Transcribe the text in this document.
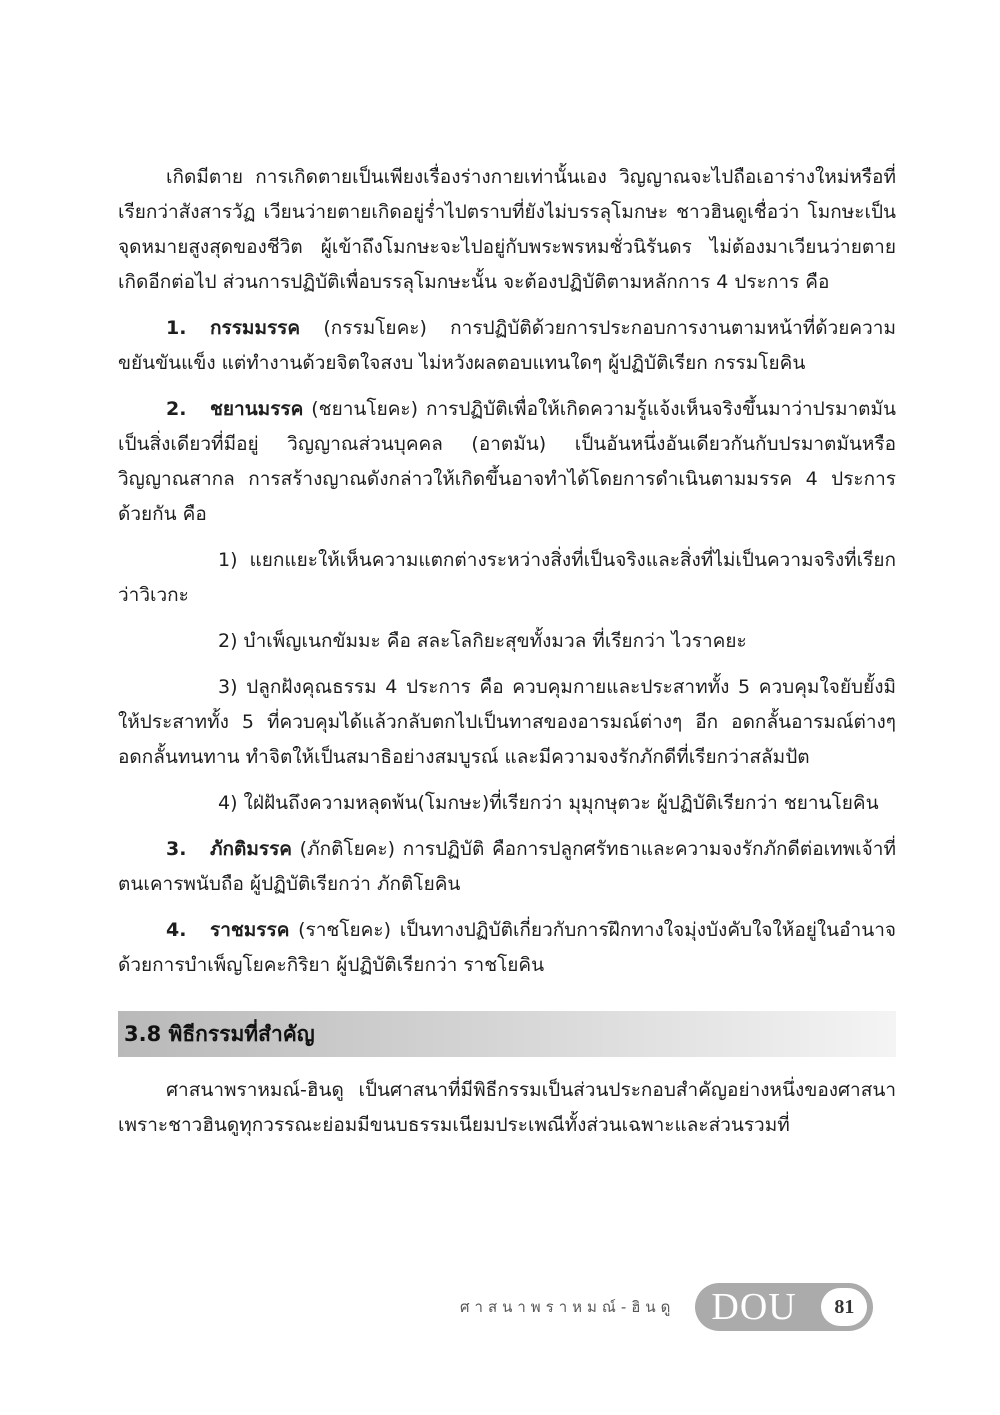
เกิดมีตาย การเกิดตายเป็นเพียงเรื่องร่างกายเท่านั้นเอง วิญญาณจะไปถือเอาร่างใหม่หรือที่เรียกว่าสังสารวัฏ เวียนว่ายตายเกิดอยู่ร่ำไปตราบที่ยังไม่บรรลุโมกษะ ชาวฮินดูเชื่อว่า โมกษะเป็นจุดหมายสูงสุดของชีวิต ผู้เข้าถึงโมกษะจะไปอยู่กับพระพรหมชั่วนิรันดร ไม่ต้องมาเวียนว่ายตายเกิดอีกต่อไป ส่วนการปฏิบัติเพื่อบรรลุโมกษะนั้น จะต้องปฏิบัติตามหลักการ 4 ประการ คือ

1. กรรมมรรค (กรรมโยคะ) การปฏิบัติด้วยการประกอบการงานตามหน้าที่ด้วยความขยันขันแข็ง แต่ทำงานด้วยจิตใจสงบ ไม่หวังผลตอบแทนใดๆ ผู้ปฏิบัติเรียก กรรมโยคิน

2. ชยานมรรค (ชยานโยคะ) การปฏิบัติเพื่อให้เกิดความรู้แจ้งเห็นจริงขึ้นมาว่าปรมาตมันเป็นสิ่งเดียวที่มีอยู่ วิญญาณส่วนบุคคล (อาตมัน) เป็นอันหนึ่งอันเดียวกันกับปรมาตมันหรือวิญญาณสากล การสร้างญาณดังกล่าวให้เกิดขึ้นอาจทำได้โดยการดำเนินตามมรรค 4 ประการด้วยกัน คือ

1) แยกแยะให้เห็นความแตกต่างระหว่างสิ่งที่เป็นจริงและสิ่งที่ไม่เป็นความจริงที่เรียกว่าวิเวกะ

2) บำเพ็ญเนกขัมมะ คือ สละโลกิยะสุขทั้งมวล ที่เรียกว่า ไวราคยะ

3) ปลูกฝังคุณธรรม 4 ประการ คือ ควบคุมกายและประสาททั้ง 5 ควบคุมใจยับยั้งมิให้ประสาททั้ง 5 ที่ควบคุมได้แล้วกลับตกไปเป็นทาสของอารมณ์ต่างๆ อีก อดกลั้นอารมณ์ต่างๆ อดกลั้นทนทาน ทำจิตให้เป็นสมาธิอย่างสมบูรณ์ และมีความจงรักภักดีที่เรียกว่าสลัมปัต

4) ใฝ่ฝันถึงความหลุดพ้น(โมกษะ)ที่เรียกว่า มุมุกษุตวะ ผู้ปฏิบัติเรียกว่า ชยานโยคิน

3. ภักติมรรค (ภักติโยคะ) การปฏิบัติ คือการปลูกศรัทธาและความจงรักภักดีต่อเทพเจ้าที่ตนเคารพนับถือ ผู้ปฏิบัติเรียกว่า ภักติโยคิน

4. ราชมรรค (ราชโยคะ) เป็นทางปฏิบัติเกี่ยวกับการฝึกทางใจมุ่งบังคับใจให้อยู่ในอำนาจด้วยการบำเพ็ญโยคะกิริยา ผู้ปฏิบัติเรียกว่า ราชโยคิน

3.8 พิธีกรรมที่สำคัญ

ศาสนาพราหมณ์-ฮินดู เป็นศาสนาที่มีพิธีกรรมเป็นส่วนประกอบสำคัญอย่างหนึ่งของศาสนา เพราะชาวฮินดูทุกวรรณะย่อมมีขนบธรรมเนียมประเพณีทั้งส่วนเฉพาะและส่วนรวมที่

ศาสนาพราหมณ์-ฮินดู DOU	81
